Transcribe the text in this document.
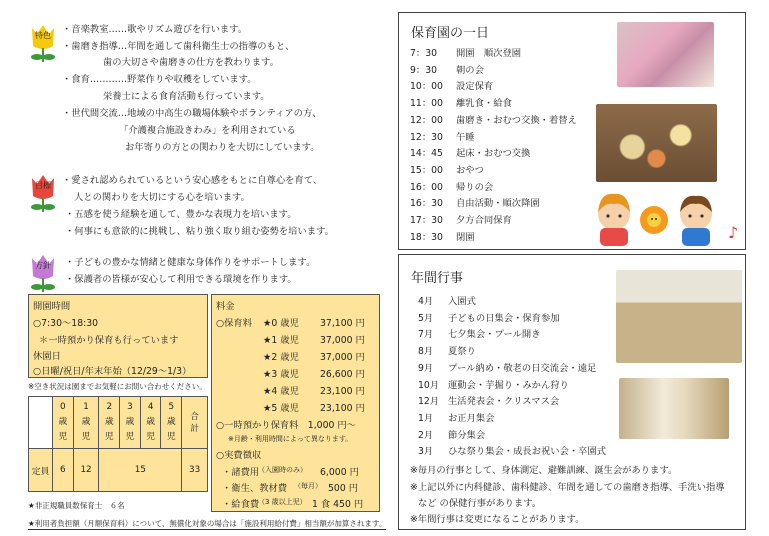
特色
・音楽教室……歌やリズム遊びを行います。
・歯磨き指導…年間を通して歯科衛生士の指導のもと、
歯の大切さや歯磨きの仕方を教わります。
・食育…………野菜作りや収穫をしています。
栄養士による食育活動も行っています。
・世代間交流…地域の中高生の職場体験やボランティアの方、
「介護複合施設きわみ」を利用されている
お年寄りの方との関わりを大切にしています。
目標	・愛され認められているという安心感をもとに自尊心を育て、
人との関わりを大切にする心を培います。
・五感を使う経験を通して、豊かな表現力を培います。
・何事にも意欲的に挑戦し、粘り強く取り組む姿勢を培います。
方針	・子どもの豊かな情緒と健康な身体作りをサポートします。
・保護者の皆様が安心して利用できる環境を作ります。
開園時間
○7:30～18:30
＊一時預かり保育も行っています
休園日
○日曜/祝日/年末年始（12/29～1/3）
※空き状況は園までお気軽にお問い合わせください。
	0
歳
児	1
歳
児	2
歳
児	3
歳
児	4
歳
児	5
歳
児	合
計
定員	6	12	15				33
★非正規職員数保育士　６名
★利用者負担額（月額保育料）について、無償化対象の場合は「施設利用給付費」相当額が加算されます。
料金
○保育料 ★0 歳児 37,100 円
★1 歳児 37,000 円
★2 歳児 37,000 円
★3 歳児 26,600 円
★4 歳児 23,100 円
★5 歳児 23,100 円
○一時預かり保育料　1,000 円～
※月齢・利用時間によって異なります。
○実費徴収
・諸費用
（入園時のみ） 6,000 円
・衛生、教材費 （毎月） 500 円
・給食費
（3 歳以上児） 1 食 450 円
保育園の一日
7：30 開園　順次登園
9：30 朝の会
10：00 設定保育
11：00 離乳食・給食
12：00 歯磨き・おむつ交換・着替え
12：30 午睡
14：45 起床・おむつ交換
15：00 おやつ
16：00 帰りの会
16：30 自由活動・順次降園
17：30 夕方合同保育
18：30 閉園	♪
年間行事
4月 入園式
5月 子どもの日集会・保育参加
7月 七夕集会・プール開き
8月 夏祭り
9月 プール納め・敬老の日交流会・遠足
10月 運動会・芋掘り・みかん狩り
12月 生活発表会・クリスマス会
1月 お正月集会
2月 節分集会
3月 ひな祭り集会・成長お祝い会・卒園式
※毎月の行事として、身体測定、避難訓練、誕生会があります。
※上記以外に内科健診、歯科健診、年間を通しての歯磨き指導、手洗い指導
など の保健行事があります。
※年間行事は変更になることがあります。
